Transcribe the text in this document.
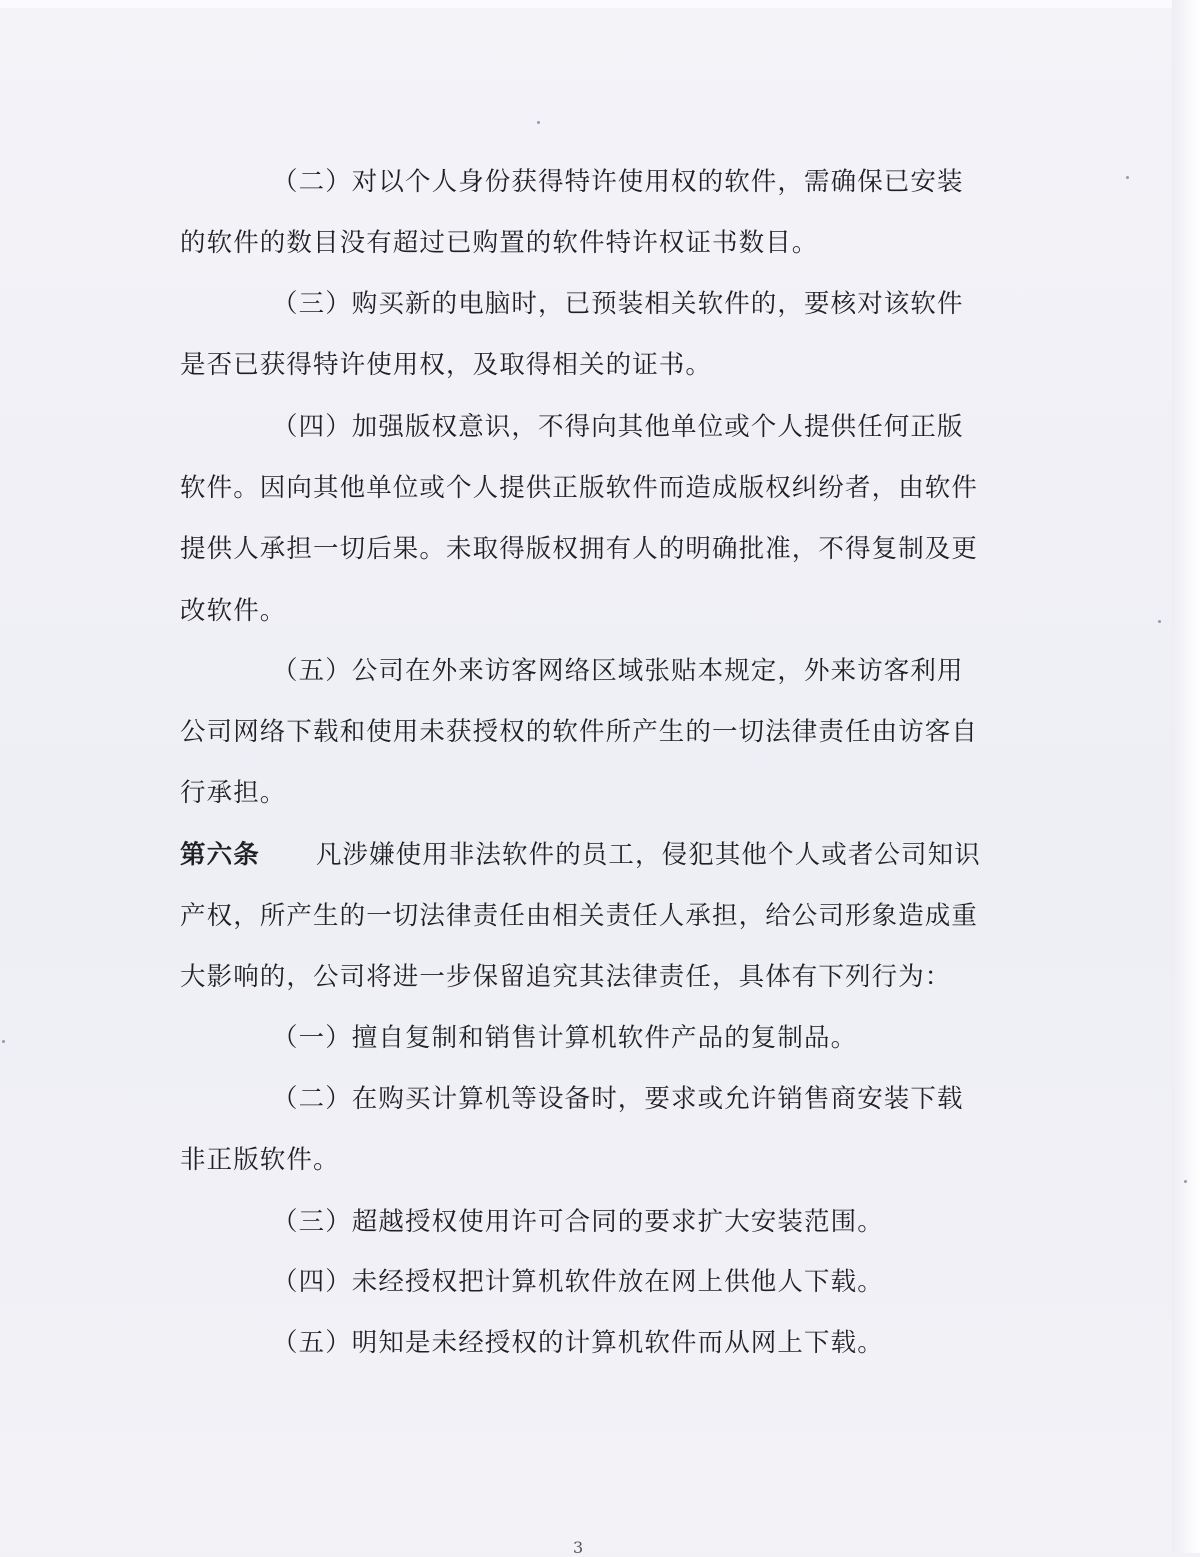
（二）对以个人身份获得特许使用权的软件，需确保已安装的软件的数目没有超过已购置的软件特许权证书数目。

（三）购买新的电脑时，已预装相关软件的，要核对该软件是否已获得特许使用权，及取得相关的证书。

（四）加强版权意识，不得向其他单位或个人提供任何正版软件。因向其他单位或个人提供正版软件而造成版权纠纷者，由软件提供人承担一切后果。未取得版权拥有人的明确批准，不得复制及更改软件。

（五）公司在外来访客网络区域张贴本规定，外来访客利用公司网络下载和使用未获授权的软件所产生的一切法律责任由访客自行承担。

第六条 凡涉嫌使用非法软件的员工，侵犯其他个人或者公司知识产权，所产生的一切法律责任由相关责任人承担，给公司形象造成重大影响的，公司将进一步保留追究其法律责任，具体有下列行为：

（一）擅自复制和销售计算机软件产品的复制品。

（二）在购买计算机等设备时，要求或允许销售商安装下载非正版软件。

（三）超越授权使用许可合同的要求扩大安装范围。

（四）未经授权把计算机软件放在网上供他人下载。

（五）明知是未经授权的计算机软件而从网上下载。

3
